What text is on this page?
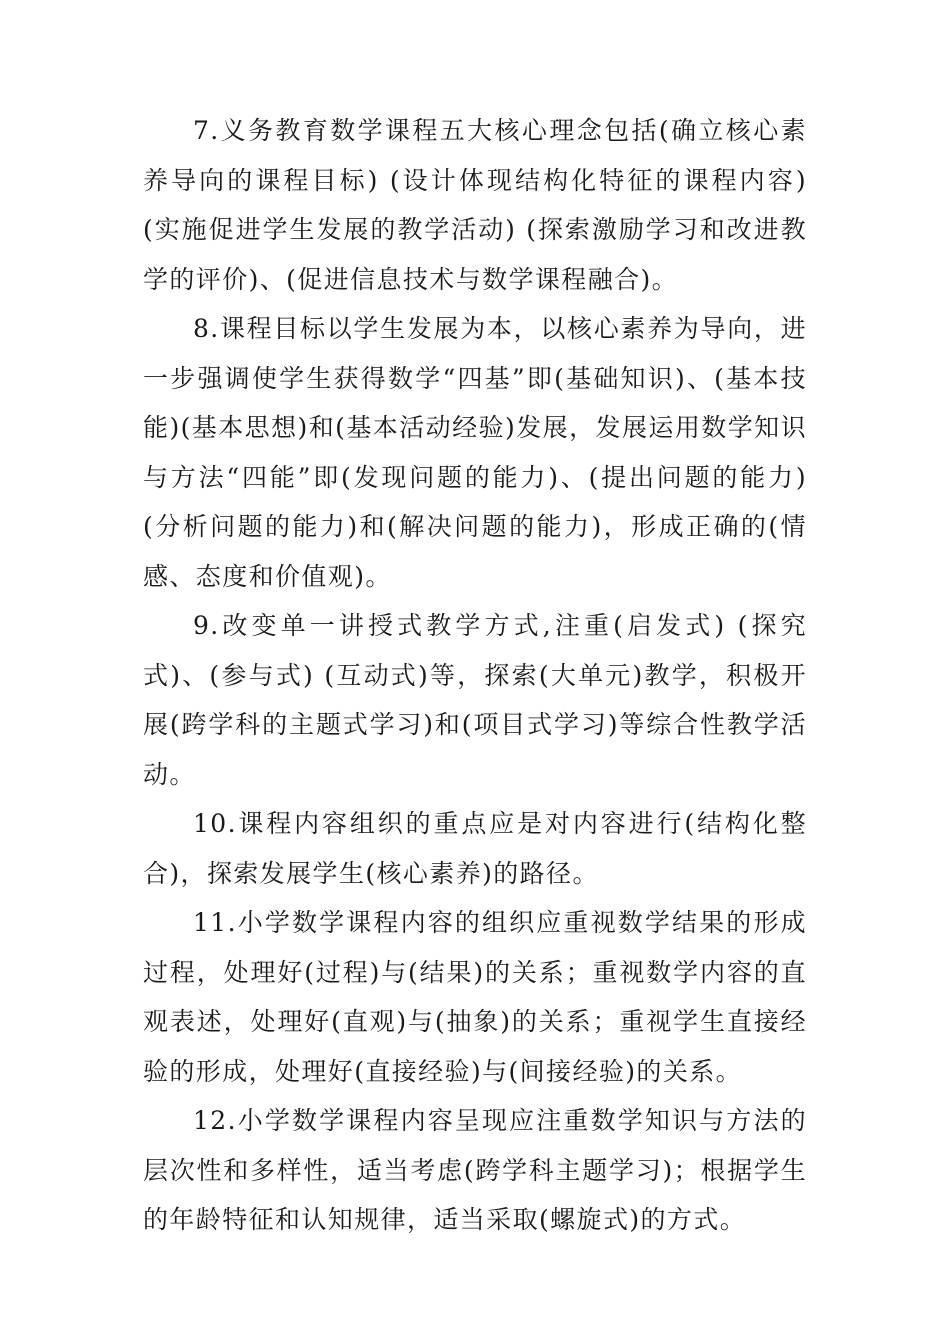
7.义务教育数学课程五大核心理念包括(确立核心素养导向的课程目标) (设计体现结构化特征的课程内容) (实施促进学生发展的教学活动) (探索激励学习和改进教学的评价)、(促进信息技术与数学课程融合)。

8.课程目标以学生发展为本，以核心素养为导向，进一步强调使学生获得数学“四基”即(基础知识)、(基本技能)(基本思想)和(基本活动经验)发展，发展运用数学知识与方法“四能”即(发现问题的能力)、(提出问题的能力) (分析问题的能力)和(解决问题的能力)，形成正确的(情感、态度和价值观)。

9.改变单一讲授式教学方式,注重(启发式) (探究式)、(参与式) (互动式)等，探索(大单元)教学，积极开展(跨学科的主题式学习)和(项目式学习)等综合性教学活动。

10.课程内容组织的重点应是对内容进行(结构化整合)，探索发展学生(核心素养)的路径。

11.小学数学课程内容的组织应重视数学结果的形成过程，处理好(过程)与(结果)的关系；重视数学内容的直观表述，处理好(直观)与(抽象)的关系；重视学生直接经验的形成，处理好(直接经验)与(间接经验)的关系。

12.小学数学课程内容呈现应注重数学知识与方法的层次性和多样性，适当考虑(跨学科主题学习)；根据学生的年龄特征和认知规律，适当采取(螺旋式)的方式。
